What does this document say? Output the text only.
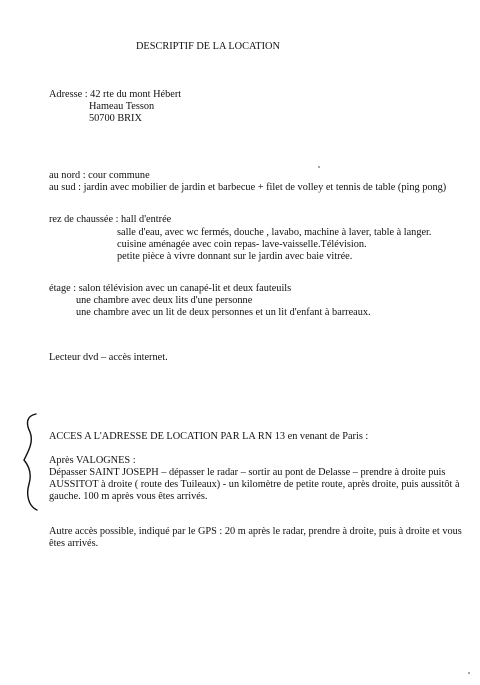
DESCRIPTIF DE LA LOCATION
Adresse : 42 rte du mont Hébert
Hameau Tesson
50700 BRIX
au nord : cour commune
au sud : jardin avec mobilier de jardin et barbecue + filet de volley et tennis de table (ping pong)
rez de chaussée : hall d'entrée
salle d'eau, avec wc fermés, douche , lavabo, machine à laver, table à langer.
cuisine aménagée avec coin repas- lave-vaisselle.Télévision.
petite pièce à vivre donnant sur le jardin avec baie vitrée.
étage : salon télévision avec un canapé-lit et deux fauteuils
une chambre avec deux lits d'une personne
une chambre avec un lit de deux personnes et un lit d'enfant à barreaux.
Lecteur dvd – accès internet.
ACCES A L'ADRESSE DE LOCATION PAR LA RN 13 en venant de Paris :
Après VALOGNES :
Dépasser SAINT JOSEPH – dépasser le radar – sortir au pont de Delasse – prendre à droite puis
AUSSITOT à droite ( route des Tuileaux) - un kilomètre de petite route, après droite, puis aussitôt à
gauche. 100 m après vous êtes arrivés.
Autre accès possible, indiqué par le GPS : 20 m après le radar, prendre à droite, puis à droite et vous
êtes arrivés.
